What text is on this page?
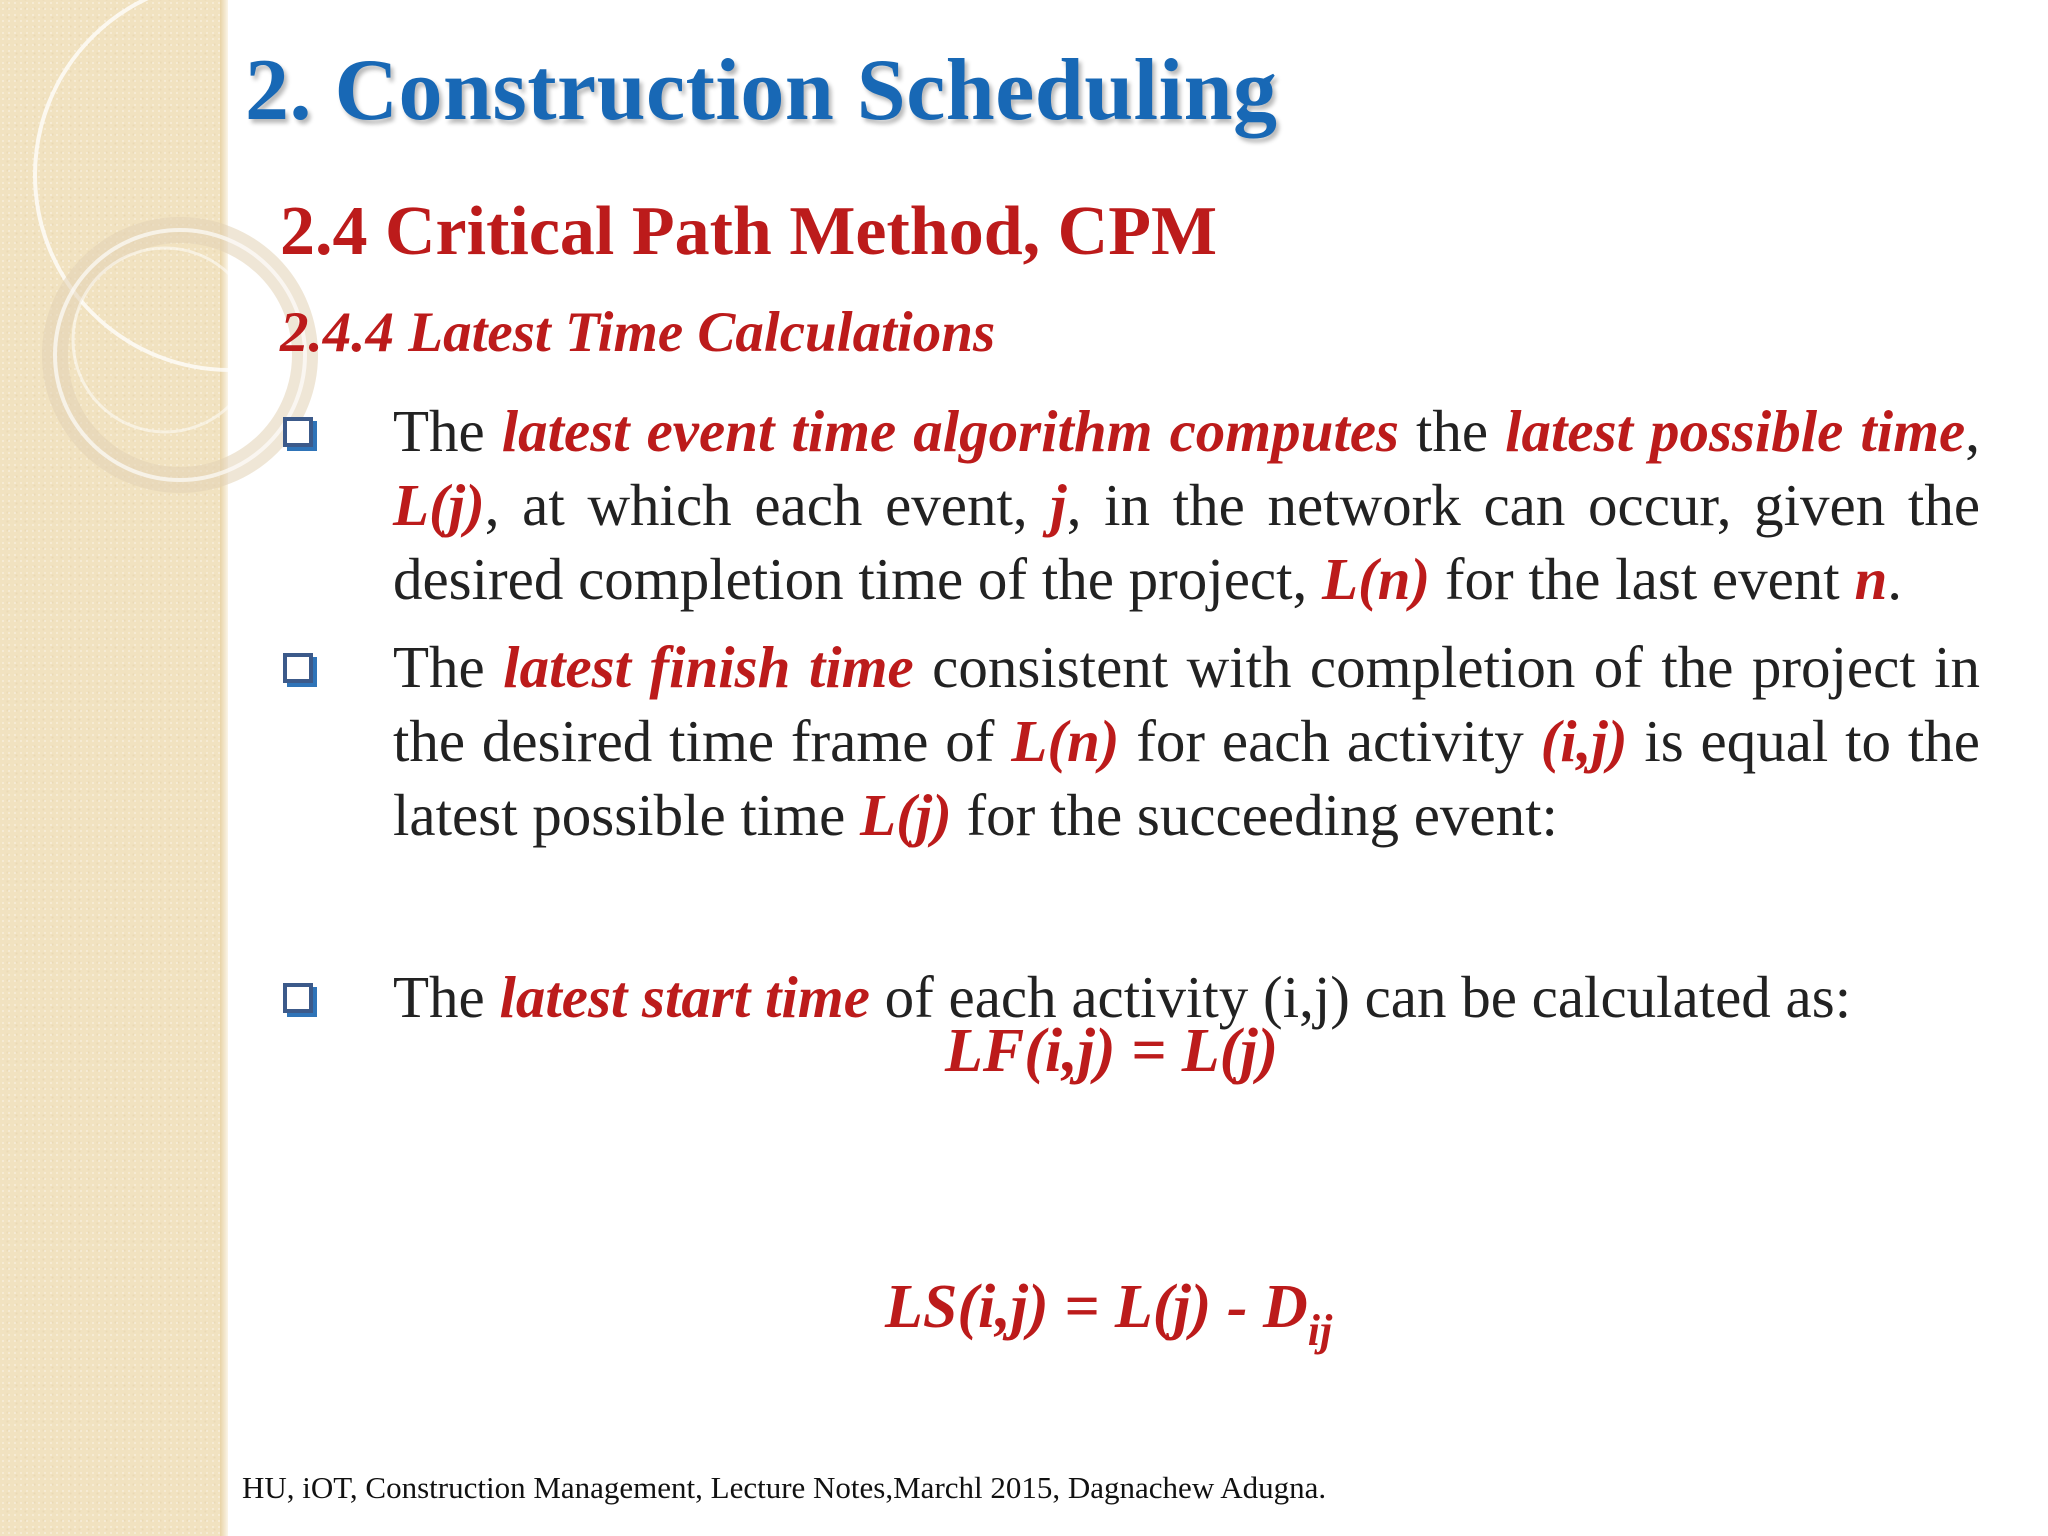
2. Construction Scheduling
2.4 Critical Path Method, CPM
2.4.4 Latest Time Calculations
The latest event time algorithm computes the latest possible time, L(j), at which each event, j, in the network can occur, given the desired completion time of the project, L(n) for the last event n.
The latest finish time consistent with completion of the project in the desired time frame of L(n) for each activity (i,j) is equal to the latest possible time L(j) for the succeeding event:
The latest start time of each activity (i,j) can be calculated as:
LF(i,j) = L(j)
$LS(i,j) = L(j) - D_{ij}$
HU, iOT, Construction Management, Lecture Notes,Marchl 2015, Dagnachew Adugna.
